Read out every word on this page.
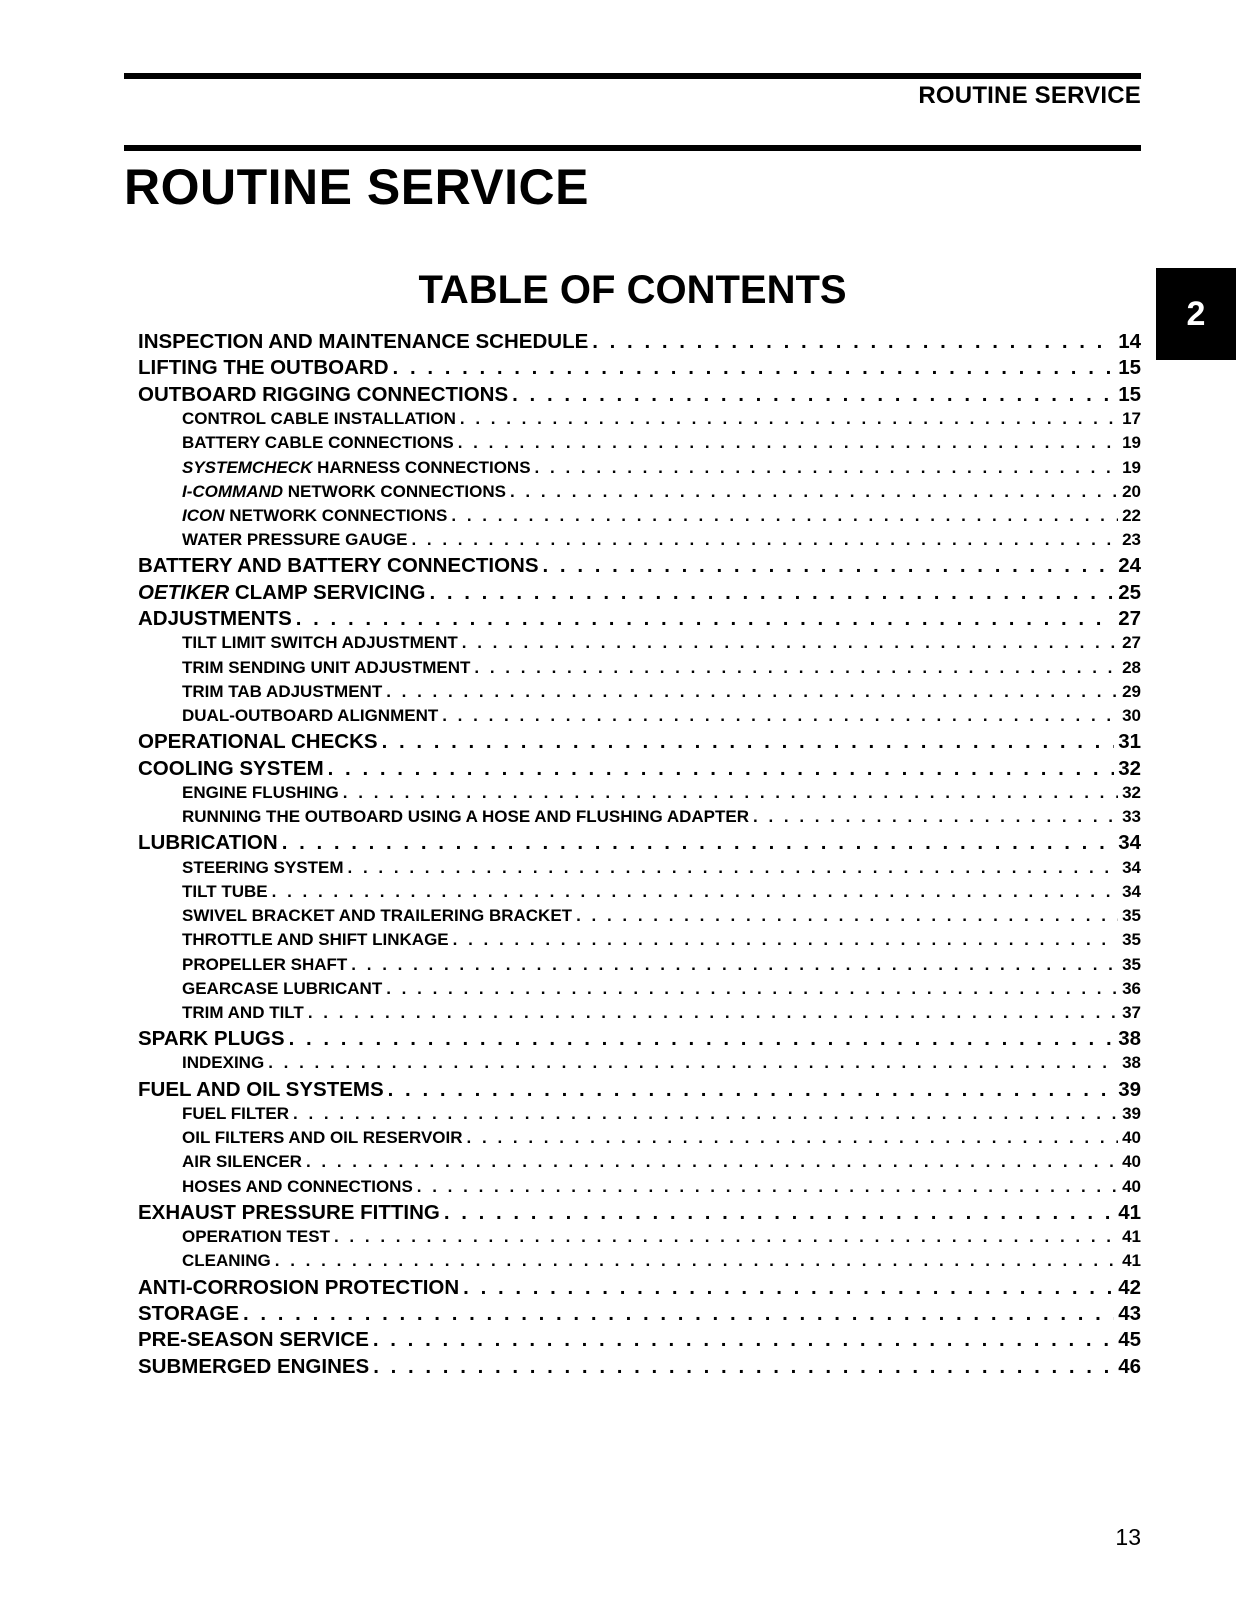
ROUTINE SERVICE
ROUTINE SERVICE
2
TABLE OF CONTENTS
INSPECTION AND MAINTENANCE SCHEDULE . . .	14
LIFTING THE OUTBOARD . . .	15
OUTBOARD RIGGING CONNECTIONS . . .	15
CONTROL CABLE INSTALLATION . . .	17
BATTERY CABLE CONNECTIONS . . .	19
SYSTEMCHECK HARNESS CONNECTIONS . . .	19
I-COMMAND NETWORK CONNECTIONS . . .	20
ICON NETWORK CONNECTIONS . . .	22
WATER PRESSURE GAUGE . . .	23
BATTERY AND BATTERY CONNECTIONS . . .	24
OETIKER CLAMP SERVICING . . .	25
ADJUSTMENTS . . .	27
TILT LIMIT SWITCH ADJUSTMENT . . .	27
TRIM SENDING UNIT ADJUSTMENT . . .	28
TRIM TAB ADJUSTMENT . . .	29
DUAL-OUTBOARD ALIGNMENT . . .	30
OPERATIONAL CHECKS . . .	31
COOLING SYSTEM . . .	32
ENGINE FLUSHING . . .	32
RUNNING THE OUTBOARD USING A HOSE AND FLUSHING ADAPTER . . .	33
LUBRICATION . . .	34
STEERING SYSTEM . . .	34
TILT TUBE . . .	34
SWIVEL BRACKET AND TRAILERING BRACKET . . .	35
THROTTLE AND SHIFT LINKAGE . . .	35
PROPELLER SHAFT . . .	35
GEARCASE LUBRICANT . . .	36
TRIM AND TILT . . .	37
SPARK PLUGS . . .	38
INDEXING . . .	38
FUEL AND OIL SYSTEMS . . .	39
FUEL FILTER . . .	39
OIL FILTERS AND OIL RESERVOIR . . .	40
AIR SILENCER . . .	40
HOSES AND CONNECTIONS . . .	40
EXHAUST PRESSURE FITTING . . .	41
OPERATION TEST . . .	41
CLEANING . . .	41
ANTI-CORROSION PROTECTION . . .	42
STORAGE . . .	43
PRE-SEASON SERVICE . . .	45
SUBMERGED ENGINES . . .	46
13
